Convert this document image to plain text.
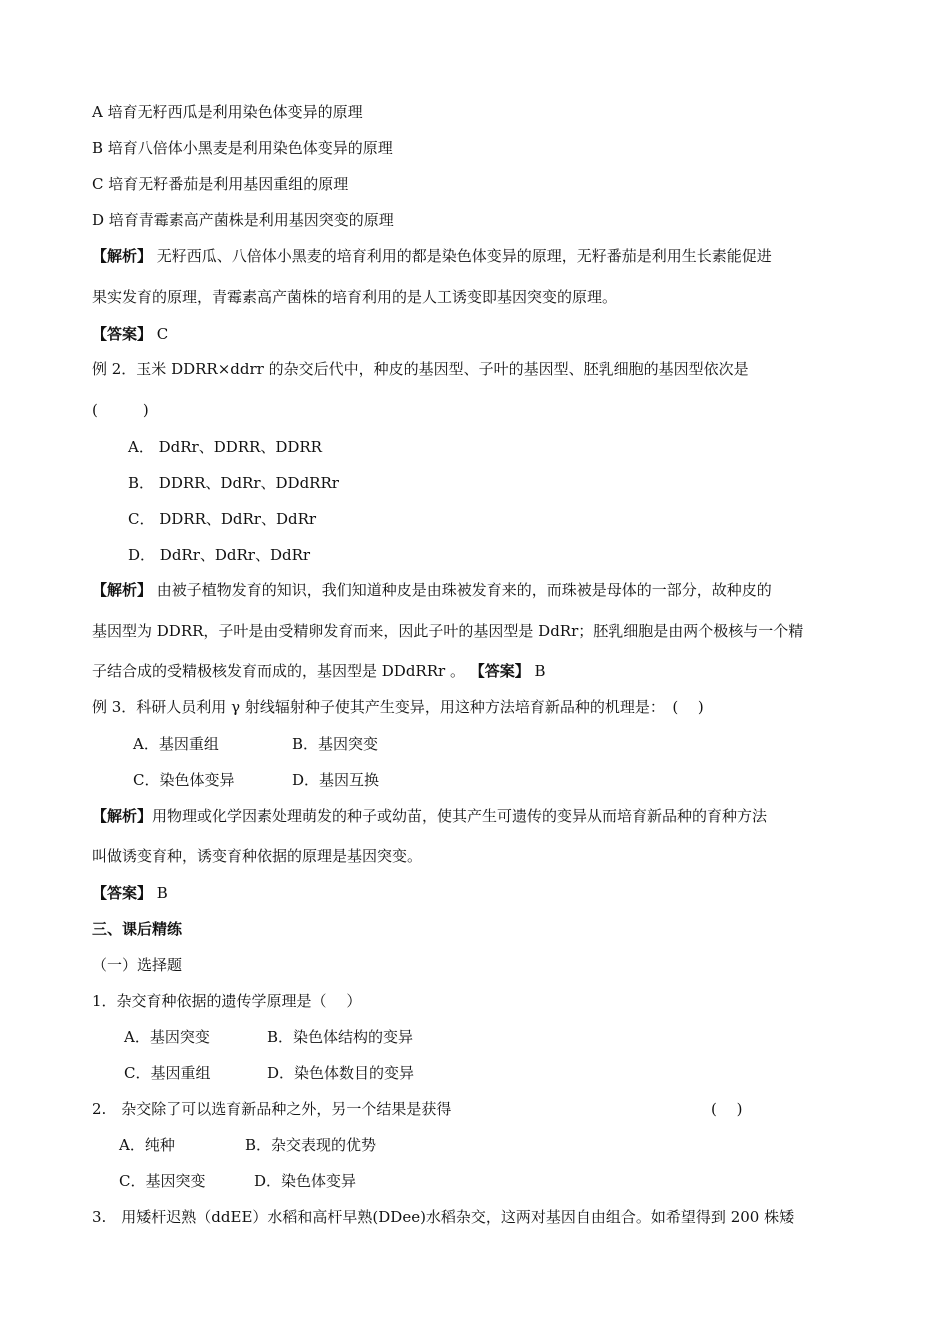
A 培育无籽西瓜是利用染色体变异的原理
B 培育八倍体小黑麦是利用染色体变异的原理
C 培育无籽番茄是利用基因重组的原理
D 培育青霉素高产菌株是利用基因突变的原理
【解析】 无籽西瓜、八倍体小黑麦的培育利用的都是染色体变异的原理，无籽番茄是利用生长素能促进
果实发育的原理，青霉素高产菌株的培育利用的是人工诱变即基因突变的原理。
【答案】 C
例 2．玉米 DDRR×ddrr 的杂交后代中，种皮的基因型、子叶的基因型、胚乳细胞的基因型依次是
(　　　)
A． DdRr、DDRR、DDRR
B． DDRR、DdRr、DDdRRr
C． DDRR、DdRr、DdRr
D． DdRr、DdRr、DdRr
【解析】 由被子植物发育的知识，我们知道种皮是由珠被发育来的，而珠被是母体的一部分，故种皮的
基因型为 DDRR，子叶是由受精卵发育而来，因此子叶的基因型是 DdRr；胚乳细胞是由两个极核与一个精
子结合成的受精极核发育而成的，基因型是 DDdRRr 。 【答案】 B
例 3．科研人员利用 γ 射线辐射种子使其产生变异，用这种方法培育新品种的机理是：　(　 )
A．基因重组	B．基因突变
C．染色体变异	D．基因互换
【解析】用物理或化学因素处理萌发的种子或幼苗，使其产生可遗传的变异从而培育新品种的育种方法
叫做诱变育种，诱变育种依据的原理是基因突变。
【答案】 B
三、课后精练
（一）选择题
1．杂交育种依据的遗传学原理是（　 ）
A．基因突变	B．染色体结构的变异
C．基因重组	D．染色体数目的变异
2.　杂交除了可以选育新品种之外，另一个结果是获得	(　 )
A．纯种	B．杂交表现的优势
C．基因突变	D．染色体变异
3.　用矮杆迟熟（ddEE）水稻和高杆早熟(DDee)水稻杂交，这两对基因自由组合。如希望得到 200 株矮
